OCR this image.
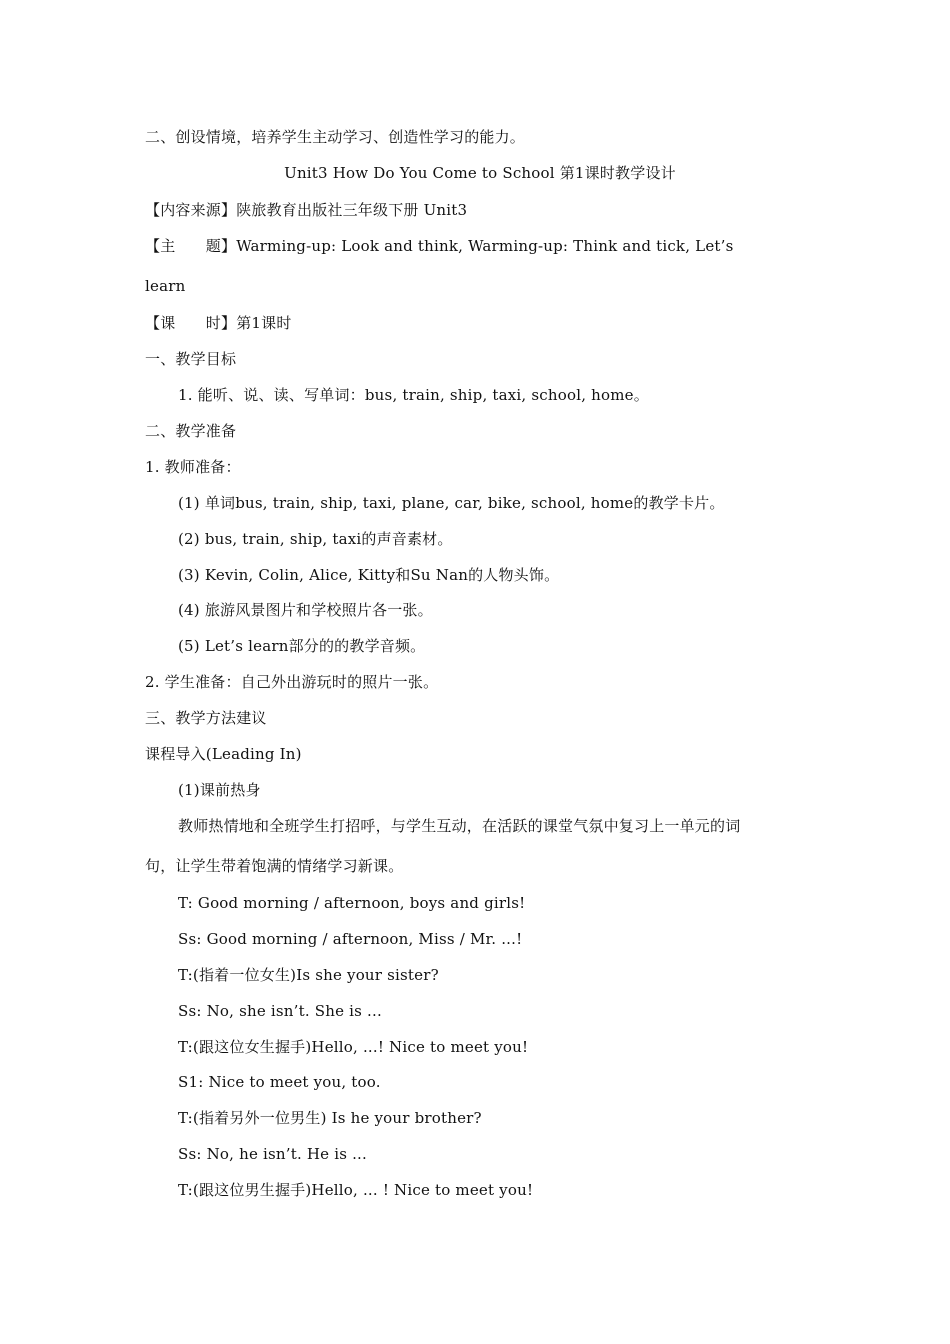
二、创设情境，培养学生主动学习、创造性学习的能力。
Unit3 How Do You Come to School 第1课时教学设计
【内容来源】陕旅教育出版社三年级下册 Unit3
【主　　题】Warming-up: Look and think, Warming-up: Think and tick, Let’s
learn
【课　　时】第1课时
一、教学目标
1. 能听、说、读、写单词：bus, train, ship, taxi, school, home。
二、教学准备
1. 教师准备：
(1) 单词bus, train, ship, taxi, plane, car, bike, school, home的教学卡片。
(2) bus, train, ship, taxi的声音素材。
(3) Kevin, Colin, Alice, Kitty和Su Nan的人物头饰。
(4) 旅游风景图片和学校照片各一张。
(5) Let’s learn部分的的教学音频。
2. 学生准备：自己外出游玩时的照片一张。
三、教学方法建议
课程导入(Leading In)
(1)课前热身
教师热情地和全班学生打招呼，与学生互动，在活跃的课堂气氛中复习上一单元的词
句，让学生带着饱满的情绪学习新课。
T: Good morning / afternoon, boys and girls!
Ss: Good morning / afternoon, Miss / Mr. ...!
T:(指着一位女生)Is she your sister?
Ss: No, she isn’t. She is ...
T:(跟这位女生握手)Hello, ...! Nice to meet you!
S1: Nice to meet you, too.
T:(指着另外一位男生) Is he your brother?
Ss: No, he isn’t. He is ...
T:(跟这位男生握手)Hello, ... ! Nice to meet you!
